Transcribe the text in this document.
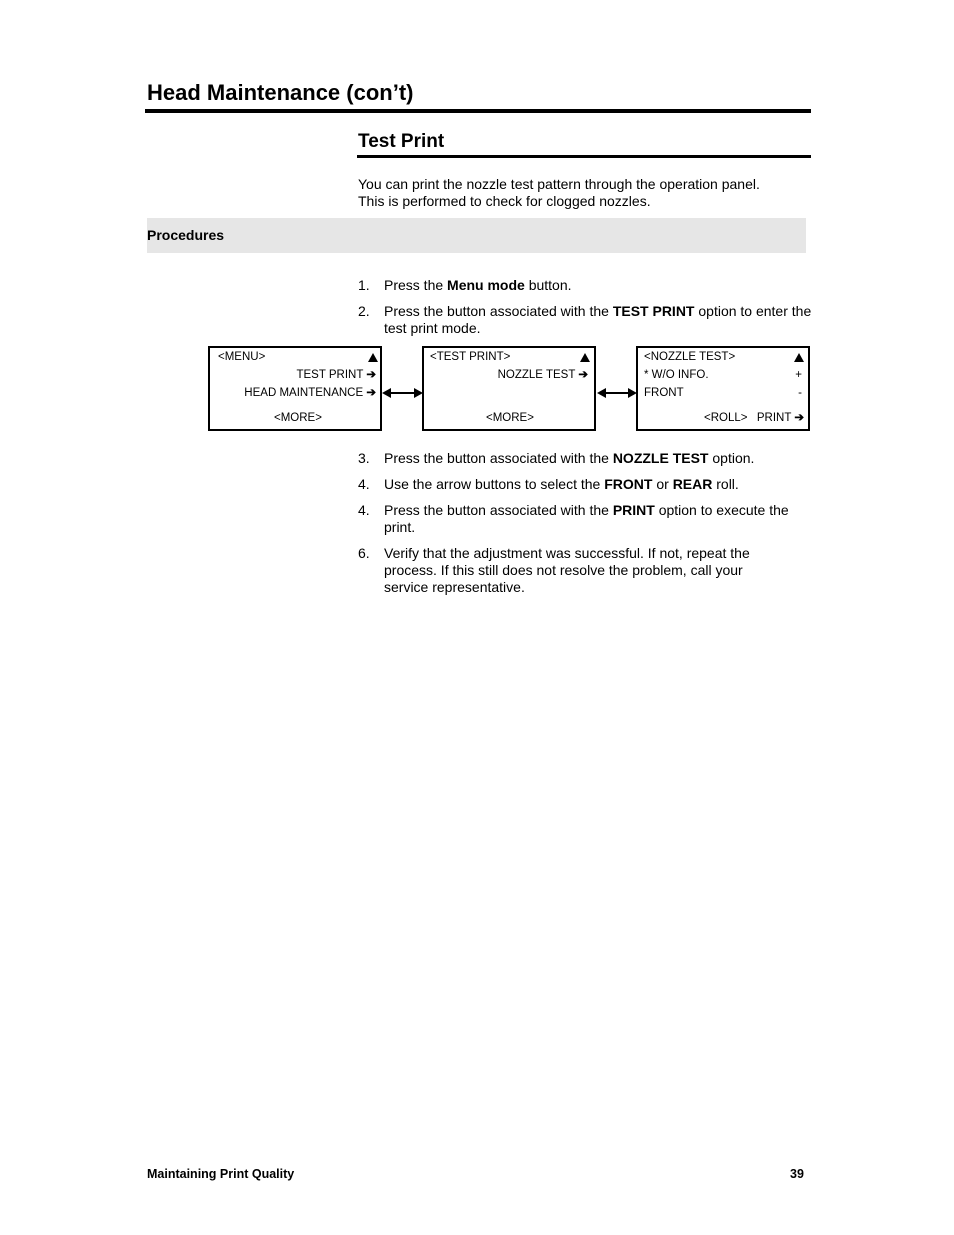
Head Maintenance (con’t)
Test Print
You can print the nozzle test pattern through the operation panel.
This is performed to check for clogged nozzles.
Procedures
1. Press the Menu mode button.
2. Press the button associated with the TEST PRINT option to enter the test print mode.
<MENU>
TEST PRINT ➔
HEAD MAINTENANCE ➔
<MORE>
<TEST PRINT>
NOZZLE TEST ➔
<MORE>
<NOZZLE TEST>
* W/O INFO.	+
FRONT	-
<ROLL> PRINT ➔
3. Press the button associated with the NOZZLE TEST option.
4. Use the arrow buttons to select the FRONT or REAR roll.
4. Press the button associated with the PRINT option to execute the print.
6. Verify that the adjustment was successful. If not, repeat the process. If this still does not resolve the problem, call your service representative.
Maintaining Print Quality	39
